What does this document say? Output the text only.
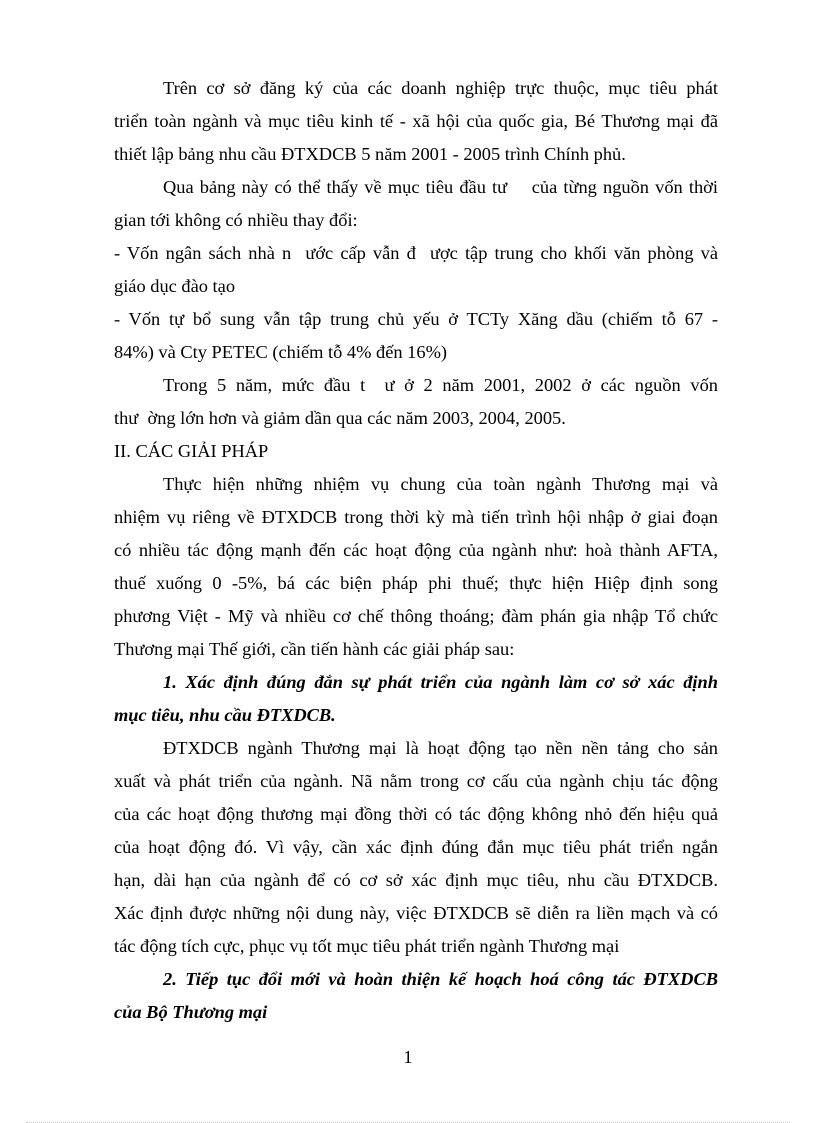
Trên cơ sở đăng ký của các doanh nghiệp trực thuộc, mục tiêu phát
triển toàn ngành và mục tiêu kinh tế - xã hội của quốc gia, Bé Thương mại đã
thiết lập bảng nhu cầu ĐTXDCB 5 năm 2001 - 2005 trình Chính phủ.
Qua bảng này có thể thấy về mục tiêu đầu tư    của từng nguồn vốn thời
gian tới không có nhiều thay đổi:
- Vốn ngân sách nhà n  ước cấp vẫn đ  ược tập trung cho khối văn phòng và
giáo dục đào tạo
- Vốn tự bổ sung vẫn tập trung chủ yếu ở TCTy Xăng dầu (chiếm tỗ 67 -
84%) và Cty PETEC (chiếm tỗ 4% đến 16%)
Trong 5 năm, mức đầu t  ư ở 2 năm 2001, 2002 ở các nguồn vốn
thư  ờng lớn hơn và giảm dần qua các năm 2003, 2004, 2005.
II. CÁC GIẢI PHÁP
Thực hiện những nhiệm vụ chung của toàn ngành Thương mại và
nhiệm vụ riêng về ĐTXDCB trong thời kỳ mà tiến trình hội nhập ở giai đoạn
có nhiều tác động mạnh đến các hoạt động của ngành như: hoà thành AFTA,
thuế xuống 0 -5%, bá các biện pháp phi thuế; thực hiện Hiệp định song
phương Việt - Mỹ và nhiều cơ chế thông thoáng; đàm phán gia nhập Tổ chức
Thương mại Thế giới, cần tiến hành các giải pháp sau:
1. Xác định đúng đắn sự phát triển của ngành làm cơ sở xác định
mục tiêu, nhu cầu ĐTXDCB.
ĐTXDCB ngành Thương mại là hoạt động tạo nền nền tảng cho sản
xuất và phát triển của ngành. Nã nằm trong cơ cấu của ngành chịu tác động
của các hoạt động thương mại đồng thời có tác động không nhỏ đến hiệu quả
của hoạt động đó. Vì vậy, cần xác định đúng đắn mục tiêu phát triển ngắn
hạn, dài hạn của ngành để có cơ sở xác định mục tiêu, nhu cầu ĐTXDCB.
Xác định được những nội dung này, việc ĐTXDCB sẽ diễn ra liền mạch và có
tác động tích cực, phục vụ tốt mục tiêu phát triển ngành Thương mại
2. Tiếp tục đổi mới và hoàn thiện kế hoạch hoá công tác ĐTXDCB
của Bộ Thương mại
1
